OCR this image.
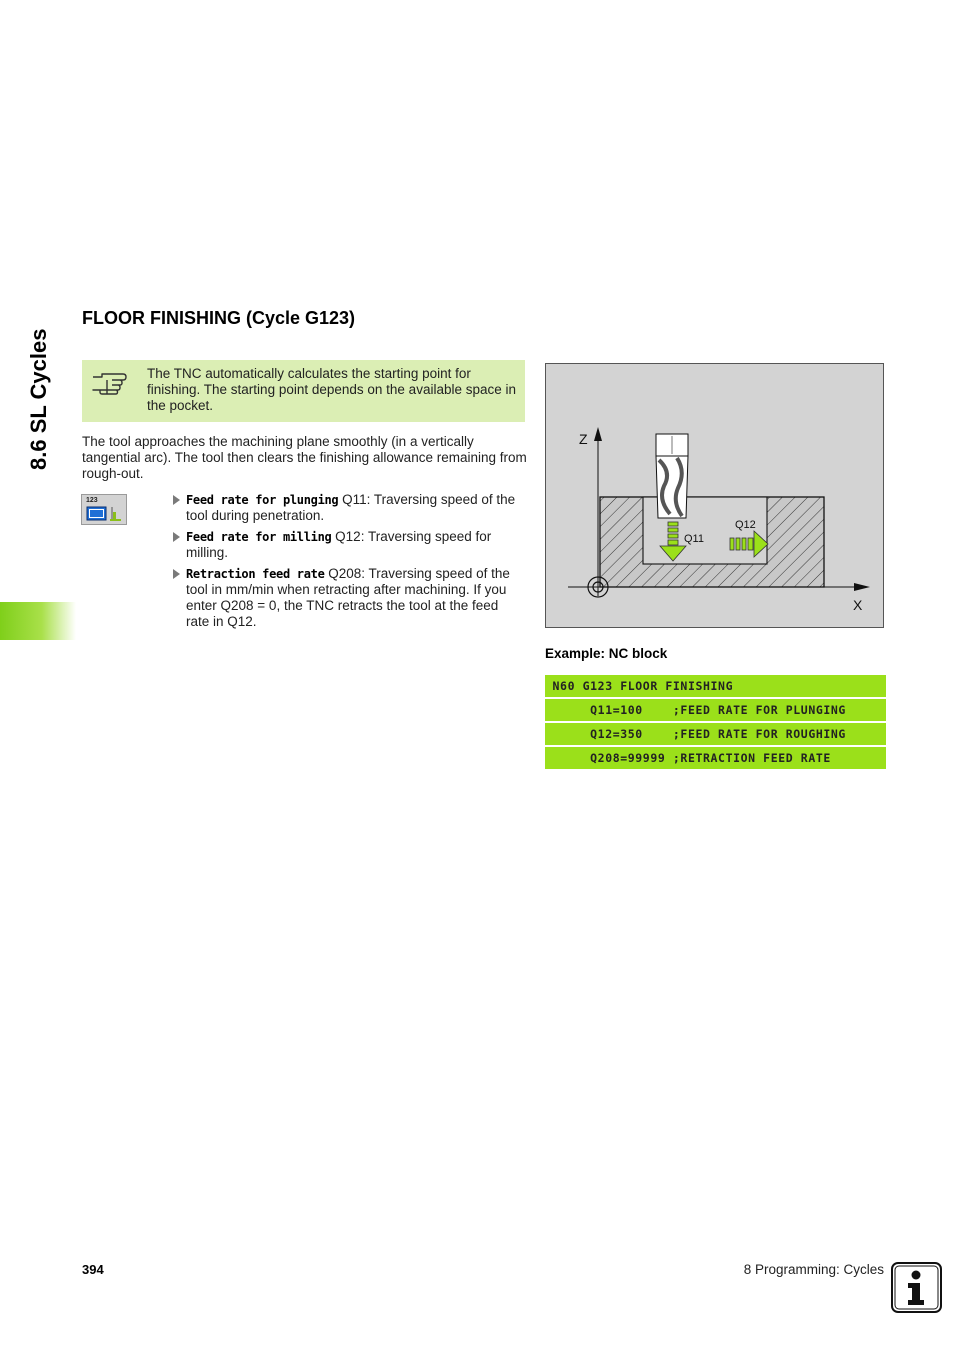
8.6 SL Cycles
FLOOR FINISHING (Cycle G123)
The TNC automatically calculates the starting point for finishing. The starting point depends on the available space in the pocket.
The tool approaches the machining plane smoothly (in a vertically tangential arc). The tool then clears the finishing allowance remaining from rough-out.
123	Feed rate for plunging Q11: Traversing speed of the tool during penetration.
Feed rate for milling Q12: Traversing speed for milling.
Retraction feed rate Q208: Traversing speed of the tool in mm/min when retracting after machining. If you enter Q208 = 0, the TNC retracts the tool at the feed rate in Q12.
Z
X
Q11
Q12
Example: NC block
N60 G123 FLOOR FINISHING
Q11=100    ;FEED RATE FOR PLUNGING
Q12=350    ;FEED RATE FOR ROUGHING
Q208=99999 ;RETRACTION FEED RATE
394	8 Programming: Cycles
